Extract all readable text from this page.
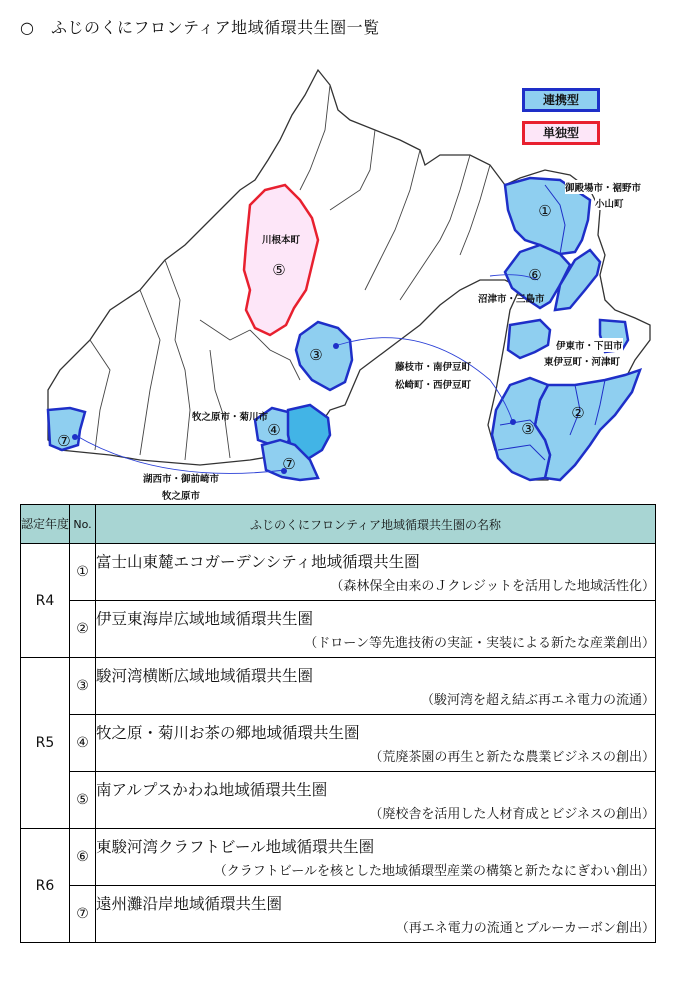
○　ふじのくにフロンティア地域循環共生圏一覧
①
⑥
②
③
③
④
⑤
⑦
⑦
連携型
単独型
御殿場市・裾野市
小山町
川根本町
沼津市・三島市
伊東市・下田市
東伊豆町・河津町
藤枝市・南伊豆町
松崎町・西伊豆町
牧之原市・菊川市
湖西市・御前崎市
牧之原市
認定年度	No.	ふじのくにフロンティア地域循環共生圏の名称
R4	①	富士山東麓エコガーデンシティ地域循環共生圏
（森林保全由来のＪクレジットを活用した地域活性化）

	②	伊豆東海岸広域地域循環共生圏
（ドローン等先進技術の実証・実装による新たな産業創出）

R5	③	駿河湾横断広域地域循環共生圏
（駿河湾を超え結ぶ再エネ電力の流通）

	④	牧之原・菊川お茶の郷地域循環共生圏
（荒廃茶園の再生と新たな農業ビジネスの創出）

	⑤	南アルプスかわね地域循環共生圏
（廃校舎を活用した人材育成とビジネスの創出）

R6	⑥	東駿河湾クラフトビール地域循環共生圏
（クラフトビールを核とした地域循環型産業の構築と新たなにぎわい創出）

	⑦	遠州灘沿岸地域循環共生圏
（再エネ電力の流通とブルーカーボン創出）
